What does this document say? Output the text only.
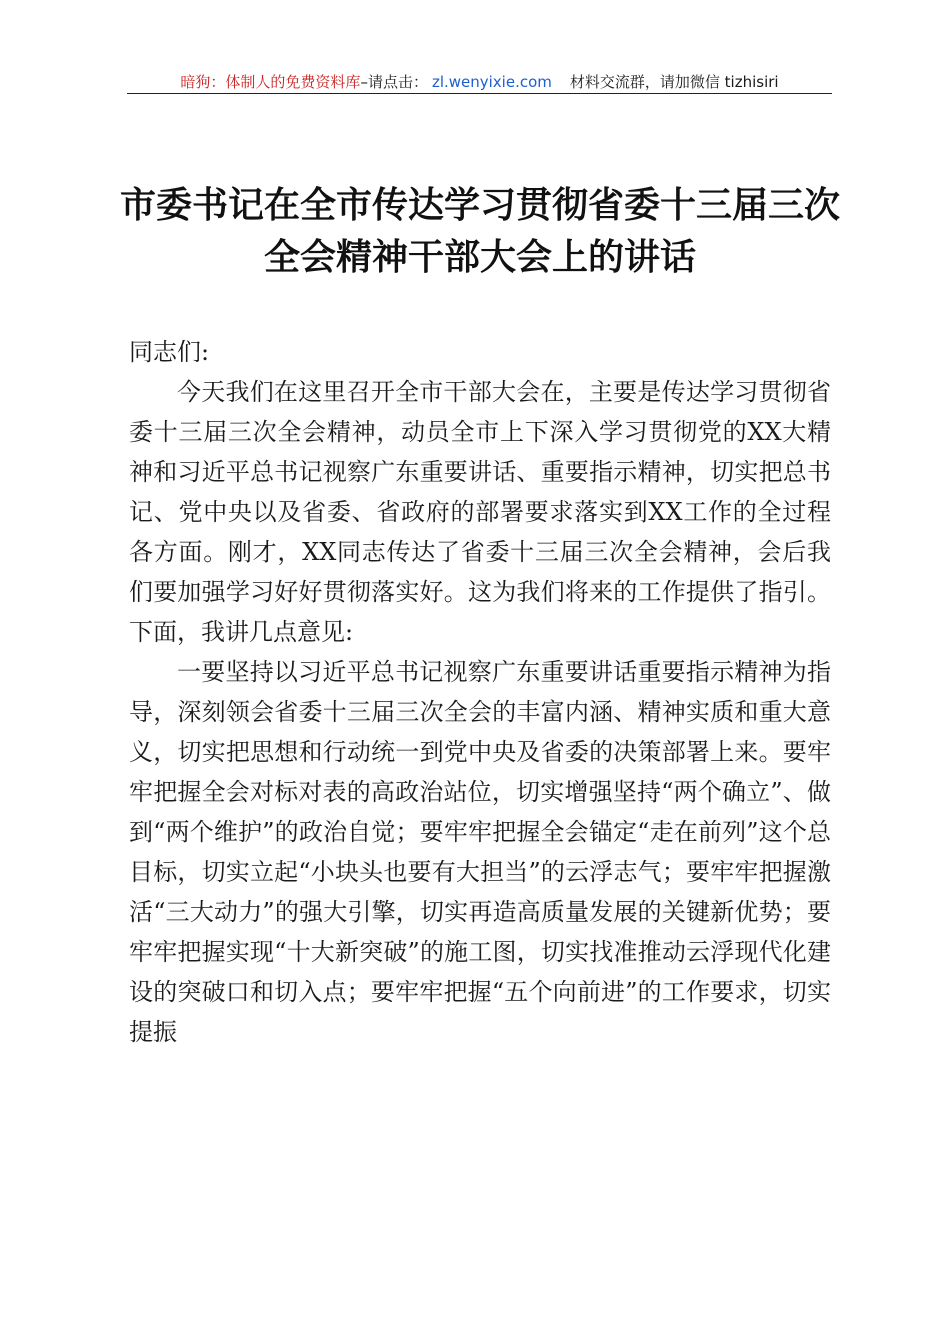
暗狗：体制人的免费资料库 –请点击： zl.wenyixie.com 材料交流群，请加微信 tizhisiri
市委书记在全市传达学习贯彻省委十三届三次
全会精神干部大会上的讲话

同志们:

今天我们在这里召开全市干部大会在，主要是传达学习贯彻省委十三届三次全会精神，动员全市上下深入学习贯彻党的XX大精神和习近平总书记视察广东重要讲话、重要指示精神，切实把总书记、党中央以及省委、省政府的部署要求落实到XX工作的全过程各方面。刚才，XX同志传达了省委十三届三次全会精神，会后我们要加强学习好好贯彻落实好。这为我们将来的工作提供了指引。下面，我讲几点意见:

一要坚持以习近平总书记视察广东重要讲话重要指示精神为指导，深刻领会省委十三届三次全会的丰富内涵、精神实质和重大意义，切实把思想和行动统一到党中央及省委的决策部署上来。要牢牢把握全会对标对表的高政治站位，切实增强坚持“两个确立”、做到“两个维护”的政治自觉；要牢牢把握全会锚定“走在前列”这个总目标，切实立起“小块头也要有大担当”的云浮志气；要牢牢把握激活“三大动力”的强大引擎，切实再造高质量发展的关键新优势；要牢牢把握实现“十大新突破”的施工图，切实找准推动云浮现代化建设的突破口和切入点；要牢牢把握“五个向前进”的工作要求，切实提振
